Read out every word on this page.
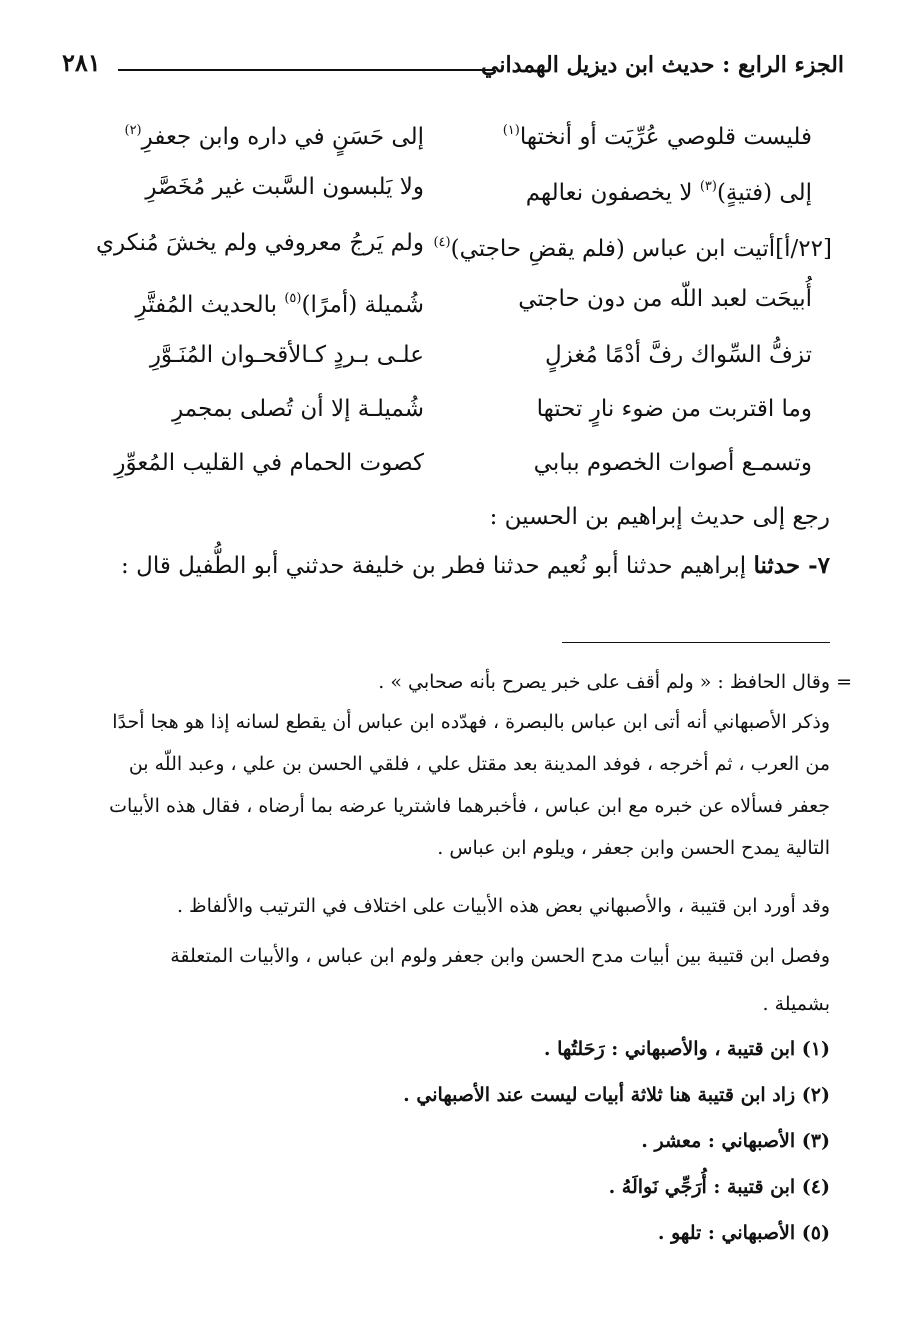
الجزء الرابع : حديث ابن ديزيل الهمداني
٢٨١
فليست قلوصي عُرِّيَت أو أنختها$^{(١)}$
إلى حَسَنٍ في داره وابن جعفرِ$^{(٢)}$
إلى (فتيةٍ)$^{(٣)}$ لا يخصفون نعالهم
ولا يَلبسون السَّبت غير مُخَصَّرِ
[٢٢/أ]أتيت ابن عباس (فلم يقضِ حاجتي)$^{(٤)}$
ولم يَرجُ معروفي ولم يخشَ مُنكري
أُبيحَت لعبد اللّه من دون حاجتي
شُميلة (أمرًا)$^{(٥)}$ بالحديث المُفتَّرِ
تزفُّ السِّواك رفَّ أدْمًا مُغزلٍ
علـى بـردٍ كـالأقحـوان المُنَـوَّرِ
وما اقتربت من ضوء نارٍ تحتها
شُميلـة إلا أن تُصلى بمجمرِ
وتسمـع أصوات الخصوم ببابي
كصوت الحمام في القليب المُعوِّرِ
رجع إلى حديث إبراهيم بن الحسين :
٧- حدثنا إبراهيم حدثنا أبو نُعيم حدثنا فطر بن خليفة حدثني أبو الطُّفيل قال :
=
وقال الحافظ : « ولم أقف على خبر يصرح بأنه صحابي » .
وذكر الأصبهاني أنه أتى ابن عباس بالبصرة ، فهدّده ابن عباس أن يقطع لسانه إذا هو هجا أحدًا
من العرب ، ثم أخرجه ، فوفد المدينة بعد مقتل علي ، فلقي الحسن بن علي ، وعبد اللّه بن
جعفر فسألاه عن خبره مع ابن عباس ، فأخبرهما فاشتريا عرضه بما أرضاه ، فقال هذه الأبيات
التالية يمدح الحسن وابن جعفر ، ويلوم ابن عباس .
وقد أورد ابن قتيبة ، والأصبهاني بعض هذه الأبيات على اختلاف في الترتيب والألفاظ .
وفصل ابن قتيبة بين أبيات مدح الحسن وابن جعفر ولوم ابن عباس ، والأبيات المتعلقة
بشميلة .
(١) ابن قتيبة ، والأصبهاني : رَحَلتُها .
(٢) زاد ابن قتيبة هنا ثلاثة أبيات ليست عند الأصبهاني .
(٣) الأصبهاني : معشر .
(٤) ابن قتيبة : أُرَجِّي نَوالَهُ .
(٥) الأصبهاني : تلهو .
